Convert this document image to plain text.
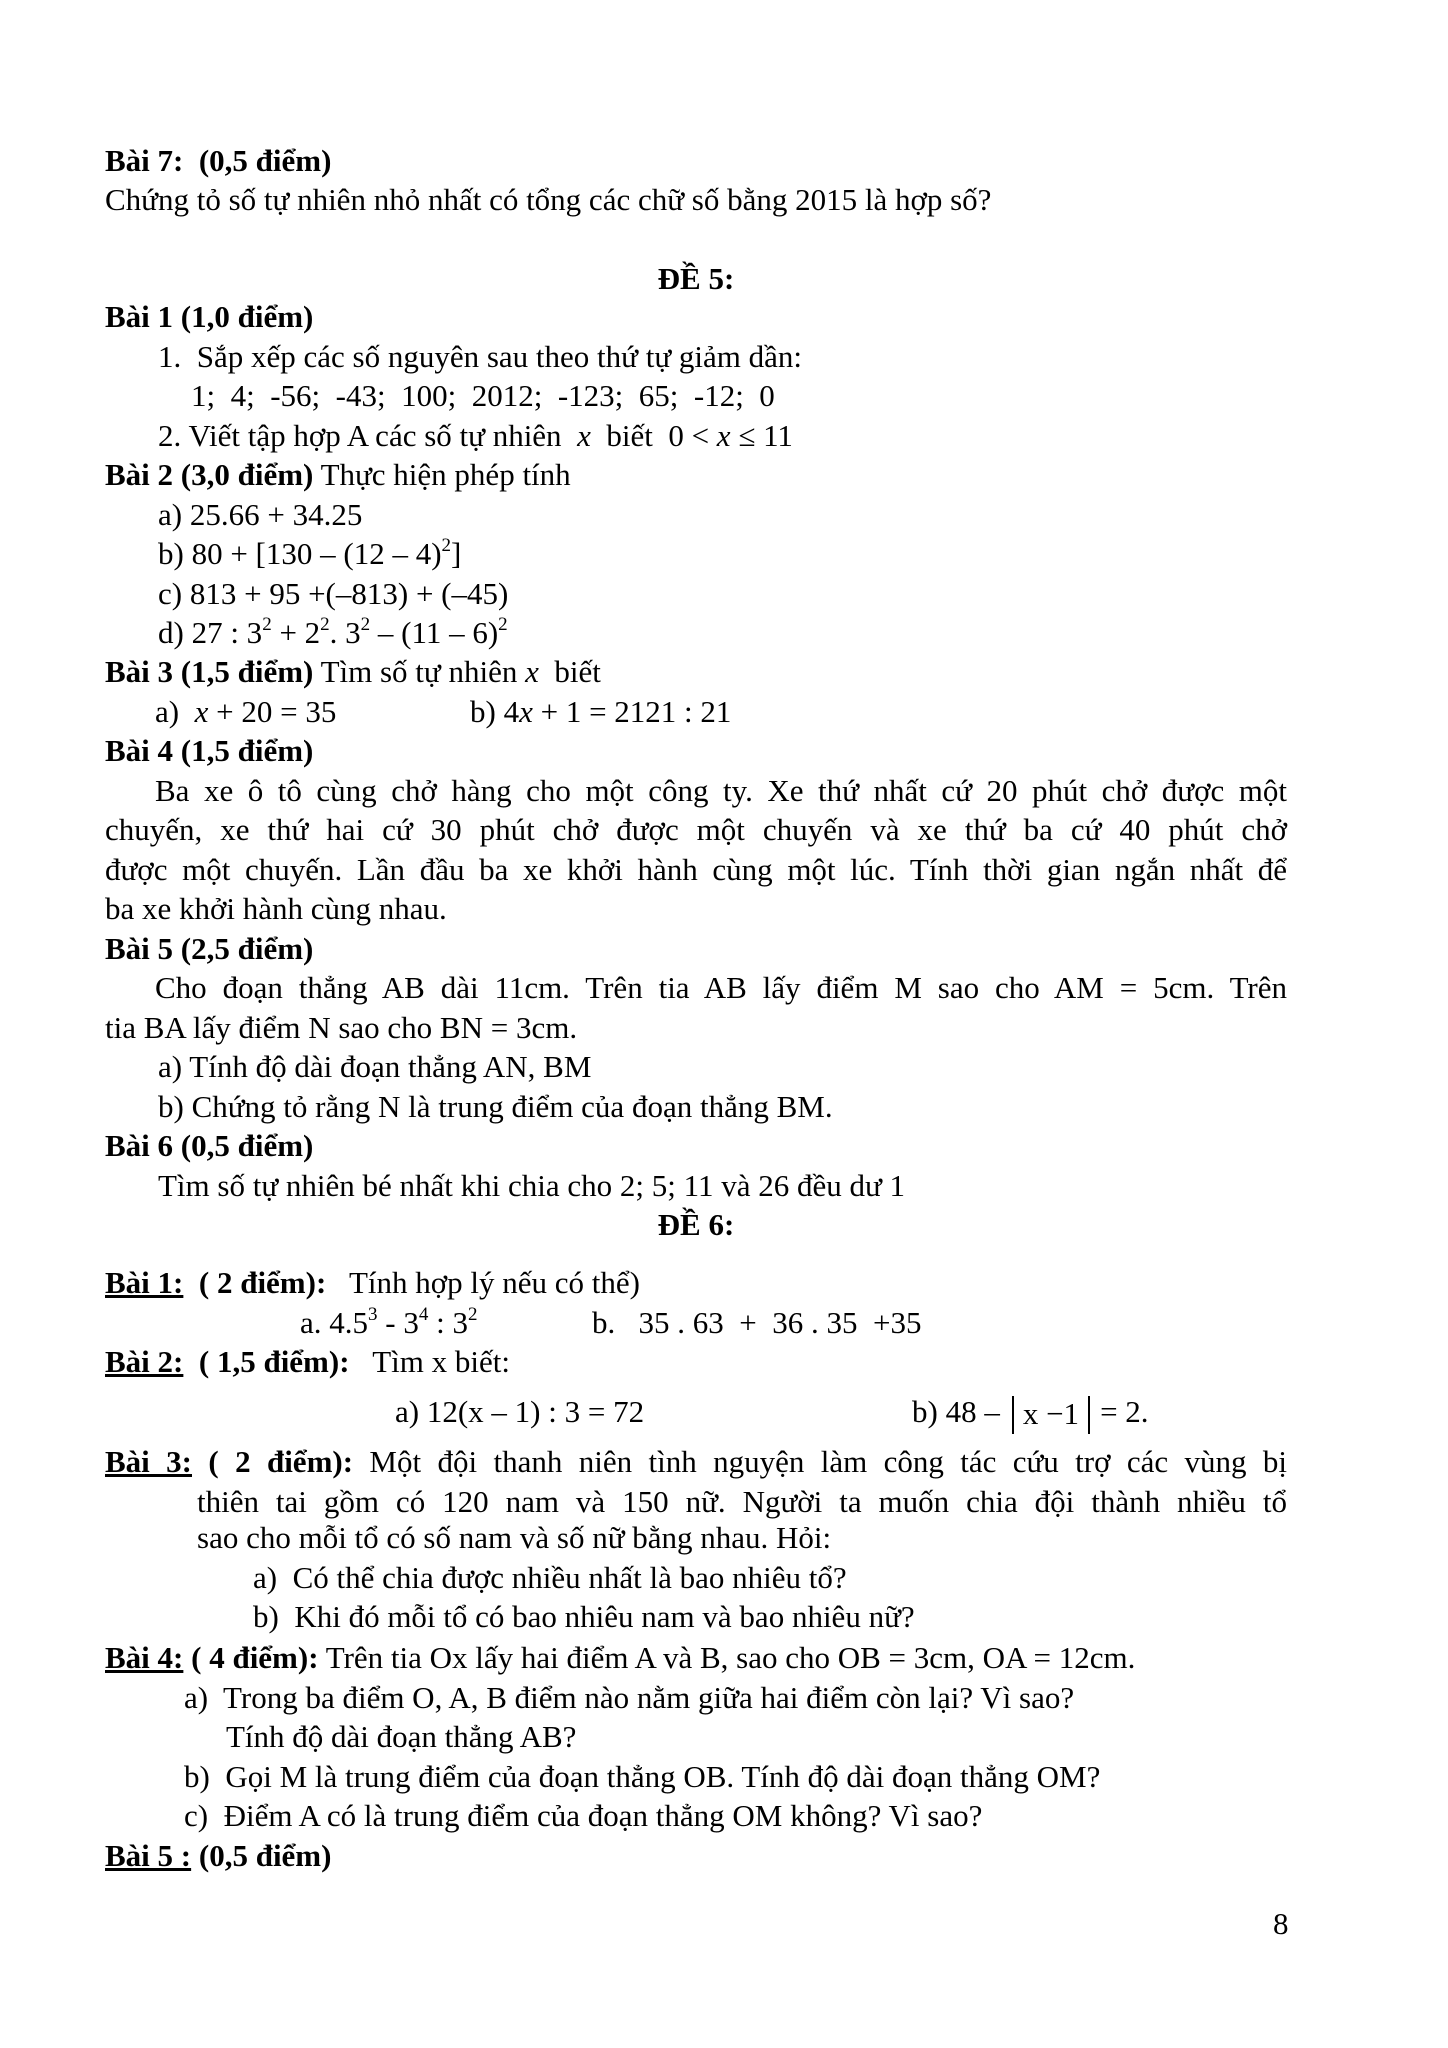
Bài 7:  (0,5 điểm)
Chứng tỏ số tự nhiên nhỏ nhất có tổng các chữ số bằng 2015 là hợp số?
ĐỀ 5:
Bài 1 (1,0 điểm)
1.  Sắp xếp các số nguyên sau theo thứ tự giảm dần:
1;  4;  -56;  -43;  100;  2012;  -123;  65;  -12;  0
2. Viết tập hợp A các số tự nhiên  x  biết  0 < x ≤ 11
Bài 2 (3,0 điểm) Thực hiện phép tính
a) 25.66 + 34.25
b) 80 + [130 – (12 – 4)$^2$]
c) 813 + 95 +(–813) + (–45)
d) 27 : $3^2 + 2^2$. $3^2 - (11 - 6)^2$
Bài 3 (1,5 điểm) Tìm số tự nhiên x  biết
a)  x + 20 = 35	b) 4x + 1 = 2121 : 21
Bài 4 (1,5 điểm)
Ba xe ô tô cùng chở hàng cho một công ty. Xe thứ nhất cứ 20 phút chở được một
chuyến, xe thứ hai cứ 30 phút chở được một chuyến và xe thứ ba cứ 40 phút chở
được một chuyến. Lần đầu ba xe khởi hành cùng một lúc. Tính thời gian ngắn nhất để
ba xe khởi hành cùng nhau.
Bài 5 (2,5 điểm)
Cho đoạn thẳng AB dài 11cm. Trên tia AB lấy điểm M sao cho AM = 5cm. Trên
tia BA lấy điểm N sao cho BN = 3cm.
a) Tính độ dài đoạn thẳng AN, BM
b) Chứng tỏ rằng N là trung điểm của đoạn thẳng BM.
Bài 6 (0,5 điểm)
Tìm số tự nhiên bé nhất khi chia cho 2; 5; 11 và 26 đều dư 1
ĐỀ 6:
Bài 1:  ( 2 điểm):   Tính hợp lý nếu có thể)
a. $4.5^3 - 3^4$ : $3^2$	b.   35 . 63  +  36 . 35  +35
Bài 2:  ( 1,5 điểm):   Tìm x biết:
a) 12(x – 1) : 3 = 72	b) 48 – x −1 = 2.
Bài 3: ( 2 điểm): Một đội thanh niên tình nguyện làm công tác cứu trợ các vùng bị
thiên tai gồm có 120 nam và 150 nữ. Người ta muốn chia đội thành nhiều tổ
sao cho mỗi tổ có số nam và số nữ bằng nhau. Hỏi:
a)  Có thể chia được nhiều nhất là bao nhiêu tổ?
b)  Khi đó mỗi tổ có bao nhiêu nam và bao nhiêu nữ?
Bài 4: ( 4 điểm): Trên tia Ox lấy hai điểm A và B, sao cho OB = 3cm, OA = 12cm.
a)  Trong ba điểm O, A, B điểm nào nằm giữa hai điểm còn lại? Vì sao?
Tính độ dài đoạn thẳng AB?
b)  Gọi M là trung điểm của đoạn thẳng OB. Tính độ dài đoạn thẳng OM?
c)  Điểm A có là trung điểm của đoạn thẳng OM không? Vì sao?
Bài 5 : (0,5 điểm)
8
